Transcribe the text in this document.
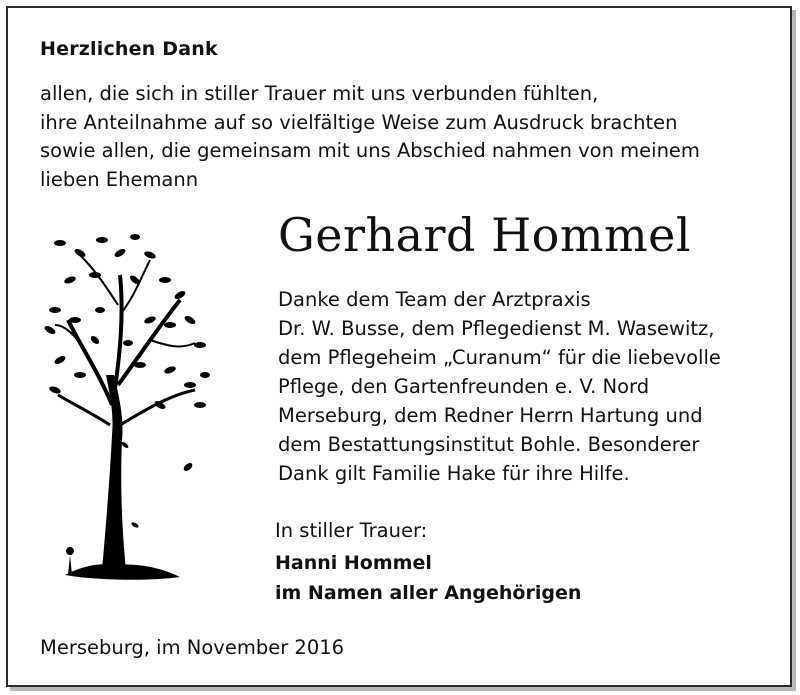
Herzlichen Dank
allen, die sich in stiller Trauer mit uns verbunden fühlten,
ihre Anteilnahme auf so vielfältige Weise zum Ausdruck brachten
sowie allen, die gemeinsam mit uns Abschied nahmen von meinem
lieben Ehemann
Gerhard Hommel
Danke dem Team der Arztpraxis
Dr. W. Busse, dem Pflegedienst M. Wasewitz,
dem Pflegeheim „Curanum“ für die liebevolle
Pflege, den Gartenfreunden e. V. Nord
Merseburg, dem Redner Herrn Hartung und
dem Bestattungsinstitut Bohle. Besonderer
Dank gilt Familie Hake für ihre Hilfe.
In stiller Trauer:
Hanni Hommel
im Namen aller Angehörigen
Merseburg, im November 2016
